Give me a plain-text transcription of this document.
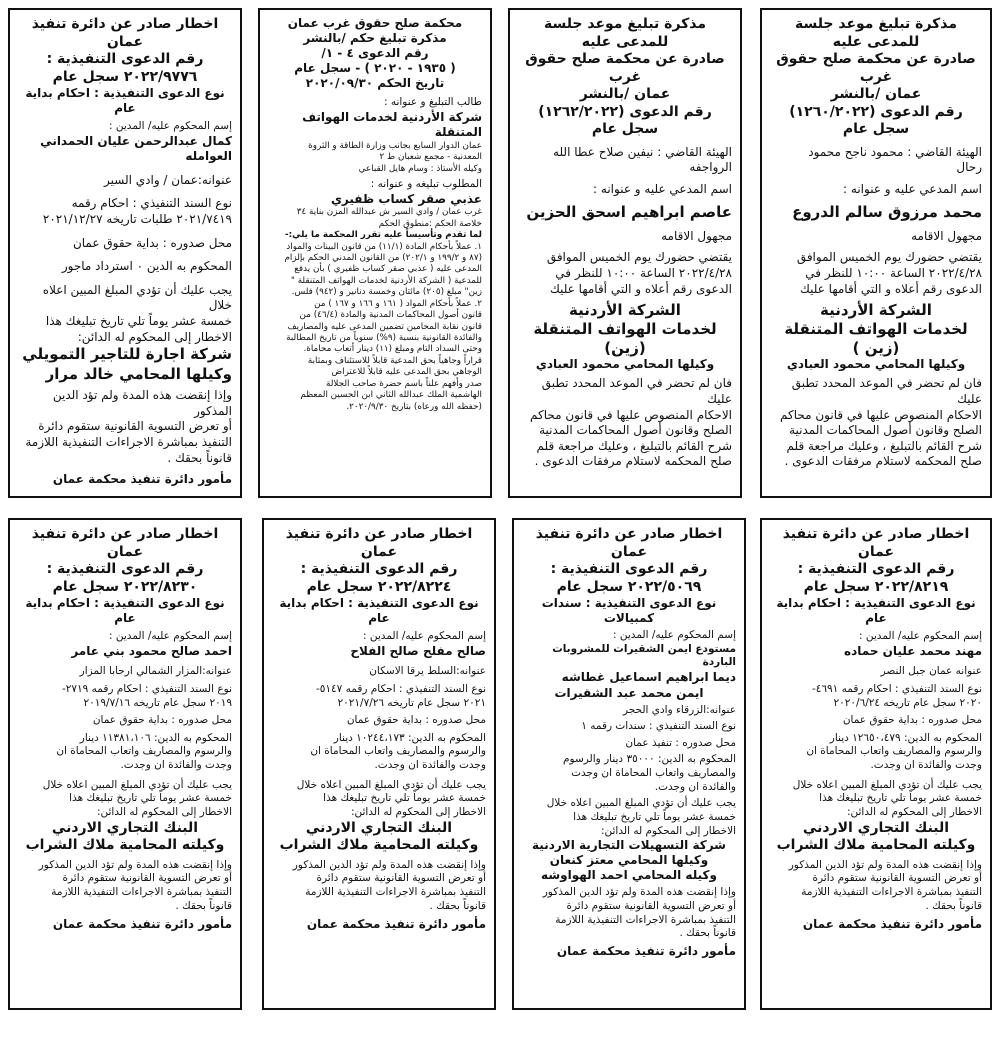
مذكرة تبليغ موعد جلسة للمدعى عليه

صادرة عن محكمة صلح حقوق غرب

عمان /بالنشر

رقم الدعوى (١٢٦٠/٢٠٢٢)

سجل عام

الهيئة القاضي : محمود ناجح محمود

رحال

اسم المدعي عليه و عنوانه :

محمد مرزوق سالم الدروع

مجهول الاقامه

يقتضي حضورك يوم الخميس الموافق

٢٠٢٢/٤/٢٨ الساعة ١٠:٠٠ للنظر في

الدعوى رقم أعلاه و التي أقامها عليك

الشركة الأردنية

لخدمات الهواتف المتنقلة (زين )

وكيلها المحامي محمود العبادي

فان لم تحضر في الموعد المحدد تطبق عليك

الاحكام المنصوص عليها في قانون محاكم

الصلح وقانون أصول المحاكمات المدنية

شرح القائم بالتبليغ ، وعليك مراجعة قلم

صلح المحكمه لاستلام مرفقات الدعوى .

مذكرة تبليغ موعد جلسة للمدعى عليه

صادرة عن محكمة صلح حقوق غرب

عمان /بالنشر

رقم الدعوى (١٢٦٢/٢٠٢٢)

سجل عام

الهيئة القاضي : نيفين صلاح عطا الله

الرواجفه

اسم المدعي عليه و عنوانه :

عاصم ابراهيم اسحق الحزين

مجهول الاقامه

يقتضي حضورك يوم الخميس الموافق

٢٠٢٢/٤/٢٨ الساعة ١٠:٠٠ للنظر في

الدعوى رقم أعلاه و التي أقامها عليك

الشركة الأردنية

لخدمات الهواتف المتنقلة (زين)

وكيلها المحامي محمود العبادي

فان لم تحضر في الموعد المحدد تطبق عليك

الاحكام المنصوص عليها في قانون محاكم

الصلح وقانون أصول المحاكمات المدنية

شرح القائم بالتبليغ ، وعليك مراجعة قلم

صلح المحكمه لاستلام مرفقات الدعوى .

محكمة صلح حقوق غرب عمان

مذكرة تبليغ حكم /بالنشر

رقم الدعوى ٤ - ١/

( ١٩٣٥ - ٢٠٢٠ ) - سجل عام

تاريخ الحكم ٢٠٢٠/٠٩/٣٠

طالب التبليغ و عنوانه :

شركة الأردنية لخدمات الهواتف المتنقلة

عمان الدوار السابع بجانب وزارة الطاقة و الثروة

المعدنية - مجمع شعبان ط ٢

وكيله الأستاذ : وسام هايل القباعي

المطلوب تبليغه و عنوانه :

عذبي صقر كساب ظفيري

غرب عمان / وادي السير ش عبدالله المزن بناية ٣٤

خلاصة الحكم :منطوق الحكم

لما تقدم وتأسيساً عليه تقرر المحكمة ما يلي:-

١. عملاً بأحكام المادة (١١/١) من قانون البينات والمواد

(٨٧ و ١٩٩/٢ و ٢٠٢/١) من القانون المدني الحكم بإلزام

المدعى عليه ( عذبي صقر كساب ظفيري ) بأن يدفع

للمدعية ( الشركة الأردنية لخدمات الهواتف المتنقلة "

زين" مبلغ (٢٠٥) مائتان وخمسة دنانير و (٩٤٢) فلس.

٢. عملاً بأحكام المواد ( ١٦١ و ١٦٦ و ١٦٧ ) من

قانون أصول المحاكمات المدنية والمادة (٤٦/٤) من

قانون نقابة المحامين تضمين المدعى عليه والمصاريف

والفائدة القانونية بنسبة (٩%) سنوياً من تاريخ المطالبة

وحتى السداد التام ومبلغ (١١) دينار أتعاب محاماة.

قراراً وجاهياً بحق المدعية قابلاً للاستئناف وبمثابة

الوجاهي بحق المدعى عليه قابلاً للاعتراض

صدر وأفهم علناً باسم حضرة صاحب الجلالة

الهاشمية الملك عبدالله الثاني ابن الحسين المعظم

(حفظه الله ورعاه) بتاريخ ٢٠٢٠/٩/٣٠.

اخطار صادر عن دائرة تنفيذ عمان

رقم الدعوى التنفيذية :

٢٠٢٢/٩٧٧٦ سجل عام

نوع الدعوى التنفيذية : احكام بداية عام

إسم المحكوم عليه/ المدين :

كمال عبدالرحمن عليان الحمداني العوامله

عنوانه:عمان / وادي السير

نوع السند التنفيذي : احكام رقمه

٢٠٢١/٧٤١٩ طلبات تاريخه ٢٠٢١/١٢/٢٧

محل صدوره : بداية حقوق عمان

المحكوم به الدين ٠ استرداد ماجور

يجب عليك أن تؤدي المبلغ المبين اعلاه خلال

خمسة عشر يوماً تلي تاريخ تبليغك هذا

الاخطار إلى المحكوم له الدائن:

شركة اجارة للتاجير التمويلي

وكيلها المحامي خالد مرار

وإذا إنقضت هذه المدة ولم تؤد الدين المذكور

أو تعرض التسوية القانونية ستقوم دائرة

التنفيذ بمباشرة الاجراءات التنفيذية اللازمة

قانوناً بحقك .

مأمور دائرة تنفيذ محكمة عمان

اخطار صادر عن دائرة تنفيذ عمان

رقم الدعوى التنفيذية :

٢٠٢٢/٨٢١٩ سجل عام

نوع الدعوى التنفيذية : احكام بداية عام

إسم المحكوم عليه/ المدين :

مهند محمد عليان حماده

عنوانه عمان جبل النصر

نوع السند التنفيذي : احكام رقمه ٤٦٩١-

٢٠٢٠ سجل عام تاريخه ٢٠٢٠/٦/٢٤

محل صدوره : بداية حقوق عمان

المحكوم به الدين: ١٢٦٥٠،٤٧٩ دينار

والرسوم والمصاريف واتعاب المحاماة ان

وجدت والفائدة ان وجدت.

يجب عليك أن تؤدي المبلغ المبين اعلاه خلال

خمسة عشر يوماً تلي تاريخ تبليغك هذا

الاخطار إلى المحكوم له الدائن:

البنك التجاري الاردني

وكيلته المحامية ملاك الشراب

وإذا إنقضت هذه المدة ولم تؤد الدين المذكور

أو تعرض التسوية القانونية ستقوم دائرة

التنفيذ بمباشرة الاجراءات التنفيذية اللازمة

قانوناً بحقك .

مأمور دائرة تنفيذ محكمة عمان

اخطار صادر عن دائرة تنفيذ عمان

رقم الدعوى التنفيذية :

٢٠٢٢/٥٠٦٩ سجل عام

نوع الدعوى التنفيذية : سندات كمبيالات

إسم المحكوم عليه/ المدين :

مستودع ايمن الشقيرات للمشروبات الباردة

ديما ابراهيم اسماعيل غطاشه

ايمن محمد عبد الشقيرات

عنوانه:الزرقاء وادي الحجر

نوع السند التنفيذي : سندات رقمه ١

محل صدوره : تنفيذ عمان

المحكوم به الدين: ٣٥٠٠٠ دينار والرسوم

والمصاريف واتعاب المحاماة ان وجدت

والفائدة ان وجدت.

يجب عليك أن تؤدي المبلغ المبين اعلاه خلال

خمسة عشر يوماً تلي تاريخ تبليغك هذا

الاخطار إلى المحكوم له الدائن:

شركة التسهيلات التجارية الاردنية

وكيلها المحامي معتز كنعان

وكيله المحامي احمد الهواوشه

وإذا إنقضت هذه المدة ولم تؤد الدين المذكور

أو تعرض التسوية القانونية ستقوم دائرة

التنفيذ بمباشرة الاجراءات التنفيذية اللازمة

قانوناً بحقك .

مأمور دائرة تنفيذ محكمة عمان

اخطار صادر عن دائرة تنفيذ عمان

رقم الدعوى التنفيذية :

٢٠٢٢/٨٢٢٤ سجل عام

نوع الدعوى التنفيذية : احكام بداية عام

إسم المحكوم عليه/ المدين :

صالح مفلح صالح الفلاح

عنوانه:السلط يرقا الاسكان

نوع السند التنفيذي : احكام رقمه ٥١٤٧-

٢٠٢١ سجل عام تاريخه ٢٠٢١/٧/٢٦

محل صدوره : بداية حقوق عمان

المحكوم به الدين: ١٠٢٤٤،١٧٣ دينار

والرسوم والمصاريف واتعاب المحاماة ان

وجدت والفائدة ان وجدت.

يجب عليك أن تؤدي المبلغ المبين اعلاه خلال

خمسة عشر يوماً تلي تاريخ تبليغك هذا

الاخطار إلى المحكوم له الدائن:

البنك التجاري الاردني

وكيلته المحامية ملاك الشراب

وإذا إنقضت هذه المدة ولم تؤد الدين المذكور

أو تعرض التسوية القانونية ستقوم دائرة

التنفيذ بمباشرة الاجراءات التنفيذية اللازمة

قانوناً بحقك .

مأمور دائرة تنفيذ محكمة عمان

اخطار صادر عن دائرة تنفيذ عمان

رقم الدعوى التنفيذية :

٢٠٢٢/٨٢٣٠ سجل عام

نوع الدعوى التنفيذية : احكام بداية عام

إسم المحكوم عليه/ المدين :

احمد صالح محمود بني عامر

عنوانه:المزار الشمالي ارحابا المزار

نوع السند التنفيذي : احكام رقمه ٢٧١٩-

٢٠١٩ سجل عام تاريخه ٢٠١٩/٧/١٦

محل صدوره : بداية حقوق عمان

المحكوم به الدين: ١١٣٨١،١٠٦ دينار

والرسوم والمصاريف واتعاب المحاماة ان

وجدت والفائدة ان وجدت.

يجب عليك أن تؤدي المبلغ المبين اعلاه خلال

خمسة عشر يوماً تلي تاريخ تبليغك هذا

الاخطار إلى المحكوم له الدائن:

البنك التجاري الاردني

وكيلته المحامية ملاك الشراب

وإذا إنقضت هذه المدة ولم تؤد الدين المذكور

أو تعرض التسوية القانونية ستقوم دائرة

التنفيذ بمباشرة الاجراءات التنفيذية اللازمة

قانوناً بحقك .

مأمور دائرة تنفيذ محكمة عمان
